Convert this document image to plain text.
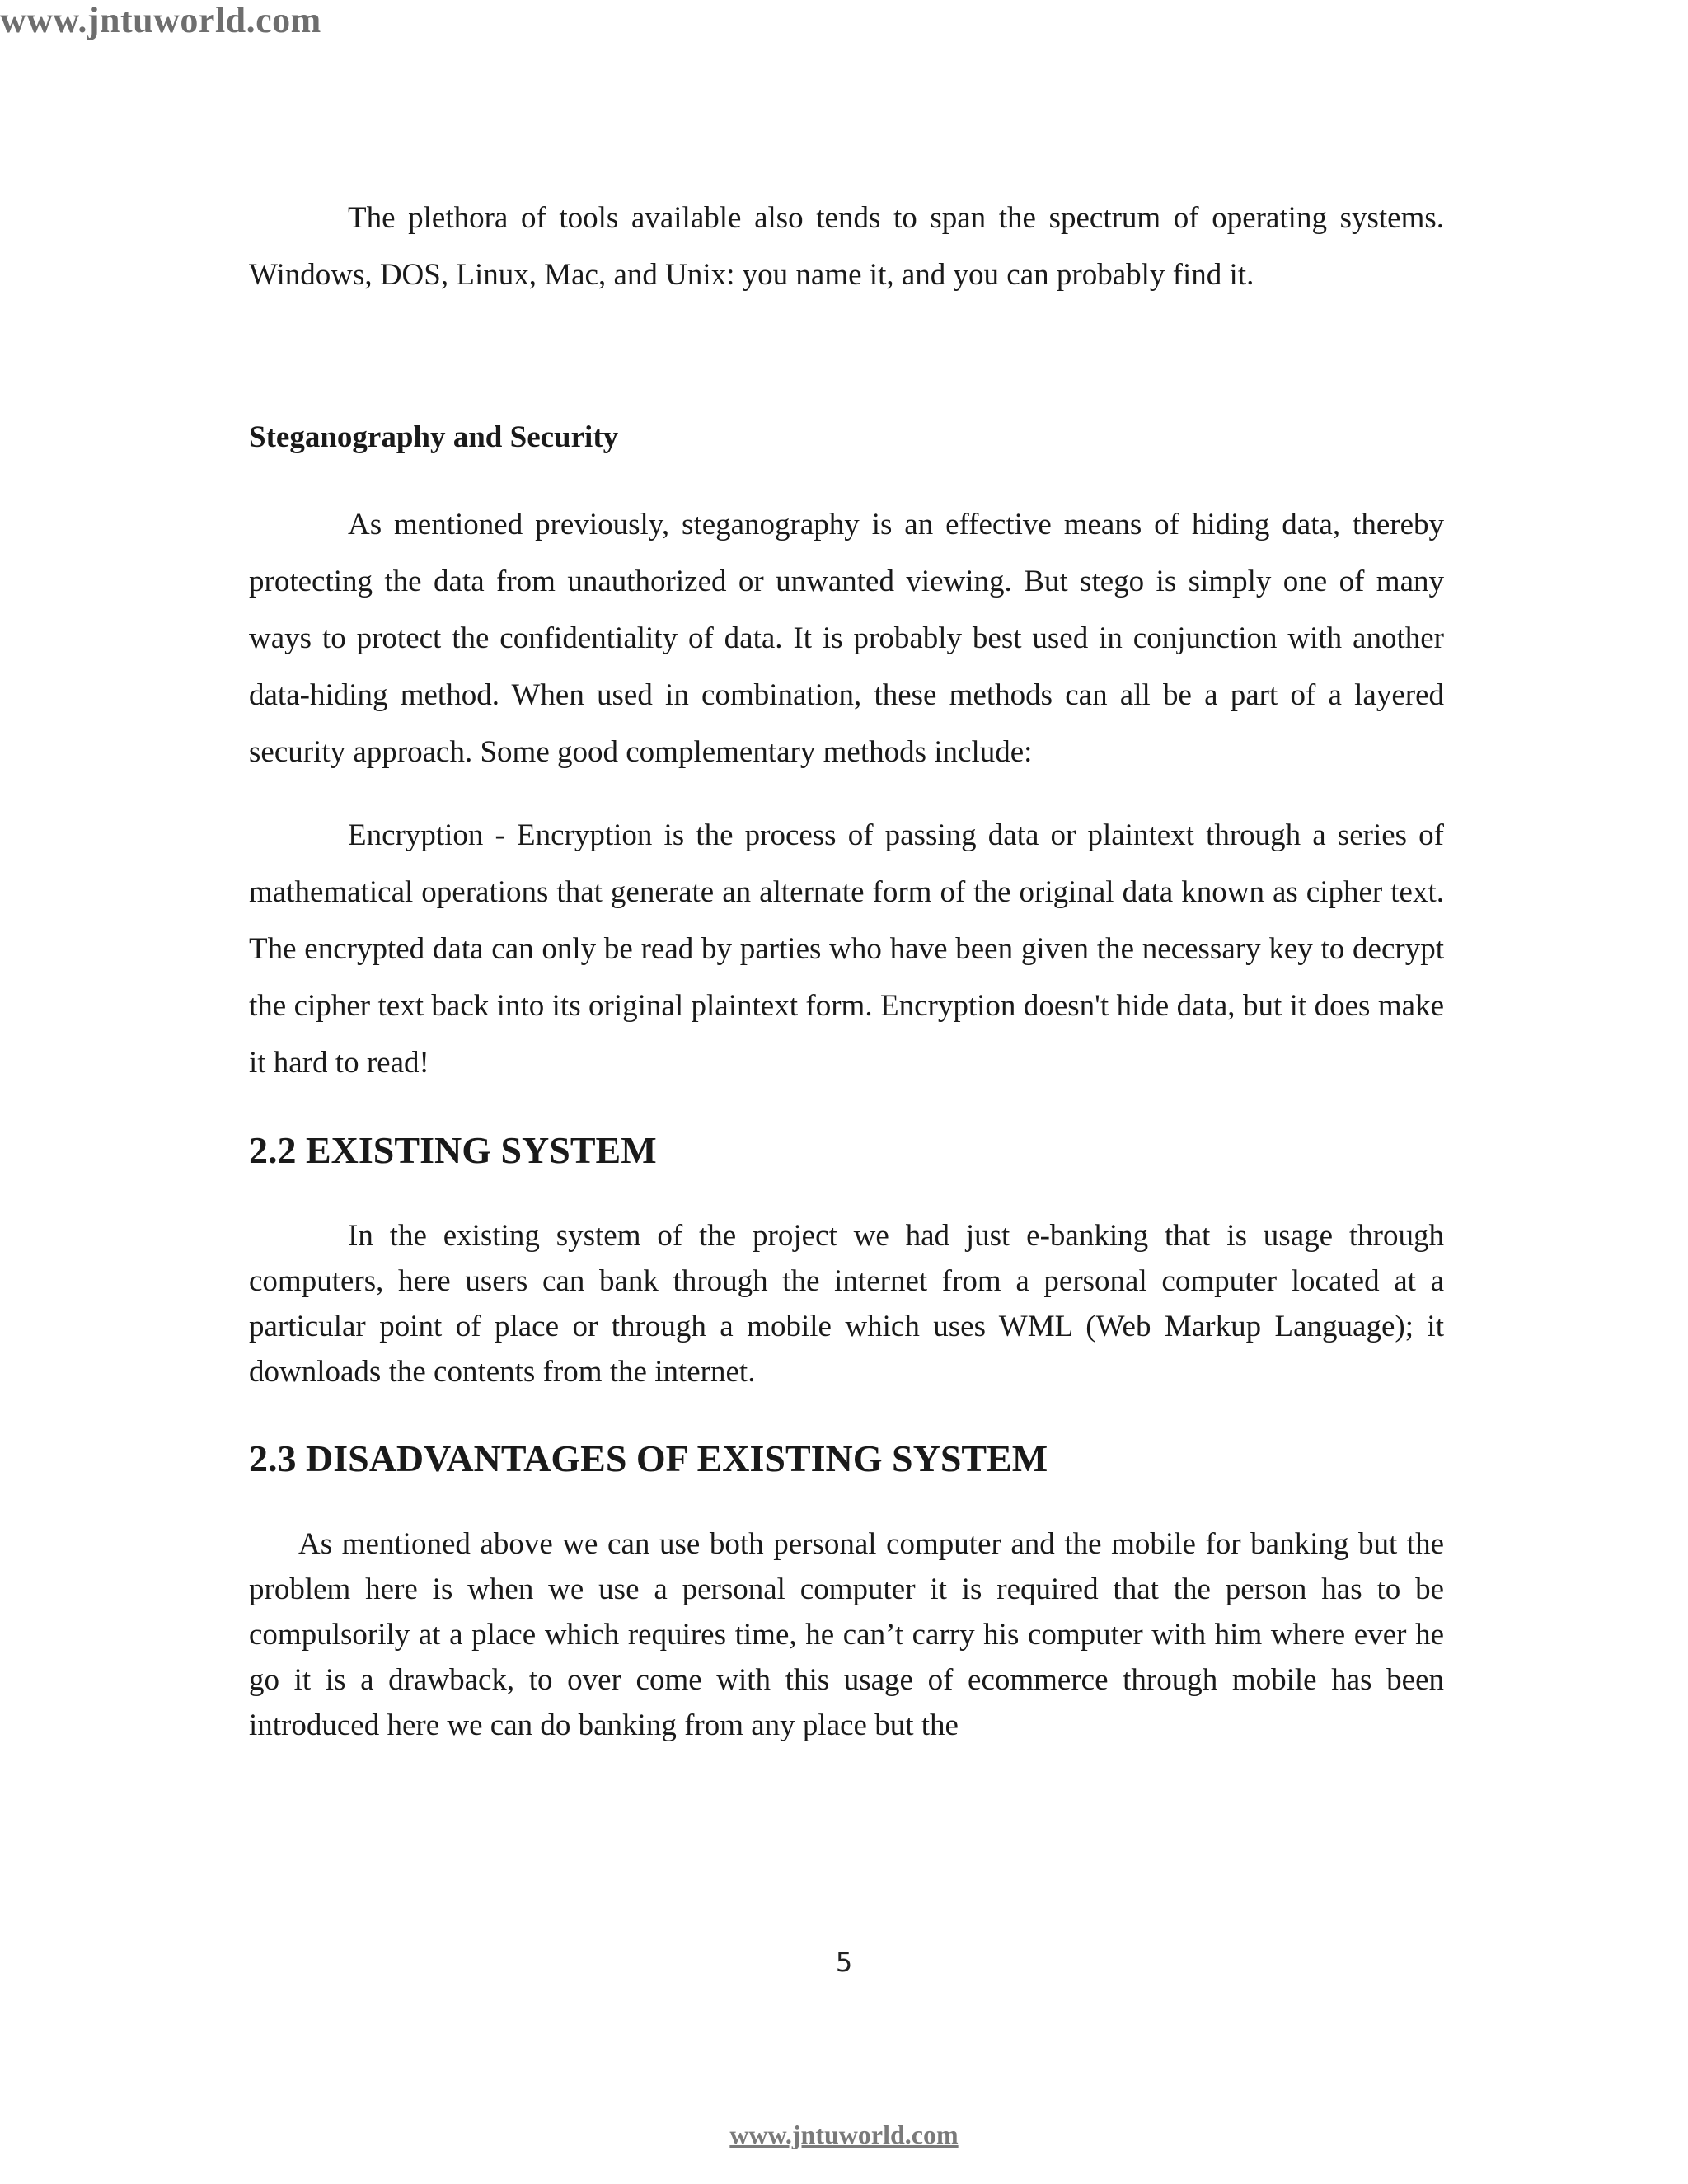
www.jntuworld.com

The plethora of tools available also tends to span the spectrum of operating systems. Windows, DOS, Linux, Mac, and Unix: you name it, and you can probably find it.

Steganography and Security

As mentioned previously, steganography is an effective means of hiding data, thereby protecting the data from unauthorized or unwanted viewing. But stego is simply one of many ways to protect the confidentiality of data. It is probably best used in conjunction with another data-hiding method. When used in combination, these methods can all be a part of a layered security approach. Some good complementary methods include:

Encryption - Encryption is the process of passing data or plaintext through a series of mathematical operations that generate an alternate form of the original data known as cipher text. The encrypted data can only be read by parties who have been given the necessary key to decrypt the cipher text back into its original plaintext form. Encryption doesn't hide data, but it does make it hard to read!

2.2 EXISTING SYSTEM

In the existing system of the project we had just e-banking that is usage through computers, here users can bank through the internet from a personal computer located at a particular point of place or through a mobile which uses WML (Web Markup Language); it downloads the contents from the internet.

2.3 DISADVANTAGES OF EXISTING SYSTEM

As mentioned above we can use both personal computer and the mobile for banking but the problem here is when we use a personal computer it is required that the person has to be compulsorily at a place which requires time, he can’t carry his computer with him where ever he go it is a drawback, to over come with this usage of ecommerce through mobile has been introduced here we can do banking from any place but the

5
www.jntuworld.com
